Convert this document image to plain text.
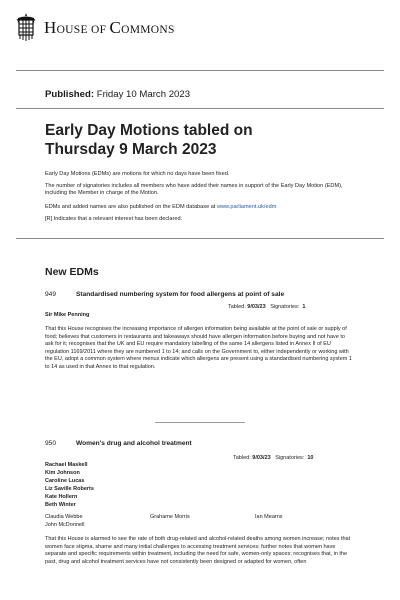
HOUSE OF COMMONS
Published: Friday 10 March 2023
Early Day Motions tabled on
Thursday 9 March 2023
Early Day Motions (EDMs) are motions for which no days have been fixed.
The number of signatories includes all members who have added their names in support of the Early Day Motion (EDM), including the Member in charge of the Motion.
EDMs and added names are also published on the EDM database at www.parliament.uk/edm
[R] Indicates that a relevant interest has been declared.
New EDMs
949	Standardised numbering system for food allergens at point of sale
Tabled: 9/03/23 Signatories: 1
Sir Mike Penning
That this House recognises the increasing importance of allergen information being available at the point of sale or supply of food; believes that customers in restaurants and takeaways should have allergen information before buying and not have to ask for it; recognises that the UK and EU require mandatory labelling of the same 14 allergens listed in Annex II of EU regulation 1169/2011 where they are numbered 1 to 14; and calls on the Government to, either independently or working with the EU, adopt a common system where menus indicate which allergens are present using a standardised numbering system 1 to 14 as used in that Annex to that regulation.
950	Women's drug and alcohol treatment
Tabled: 9/03/23 Signatories: 10
Rachael Maskell
Kim Johnson
Caroline Lucas
Liz Saville Roberts
Kate Hollern
Beth Winter
Claudia Webbe	Grahame Morris	Ian Mearns
John McDonnell
That this House is alarmed to see the rate of both drug-related and alcohol-related deaths among women increase; notes that women face stigma, shame and many initial challenges to accessing treatment services; further notes that women have separate and specific requirements within treatment, including the need for safe, women-only spaces; recognises that, in the past, drug and alcohol treatment services have not consistently been designed or adapted for women, often
